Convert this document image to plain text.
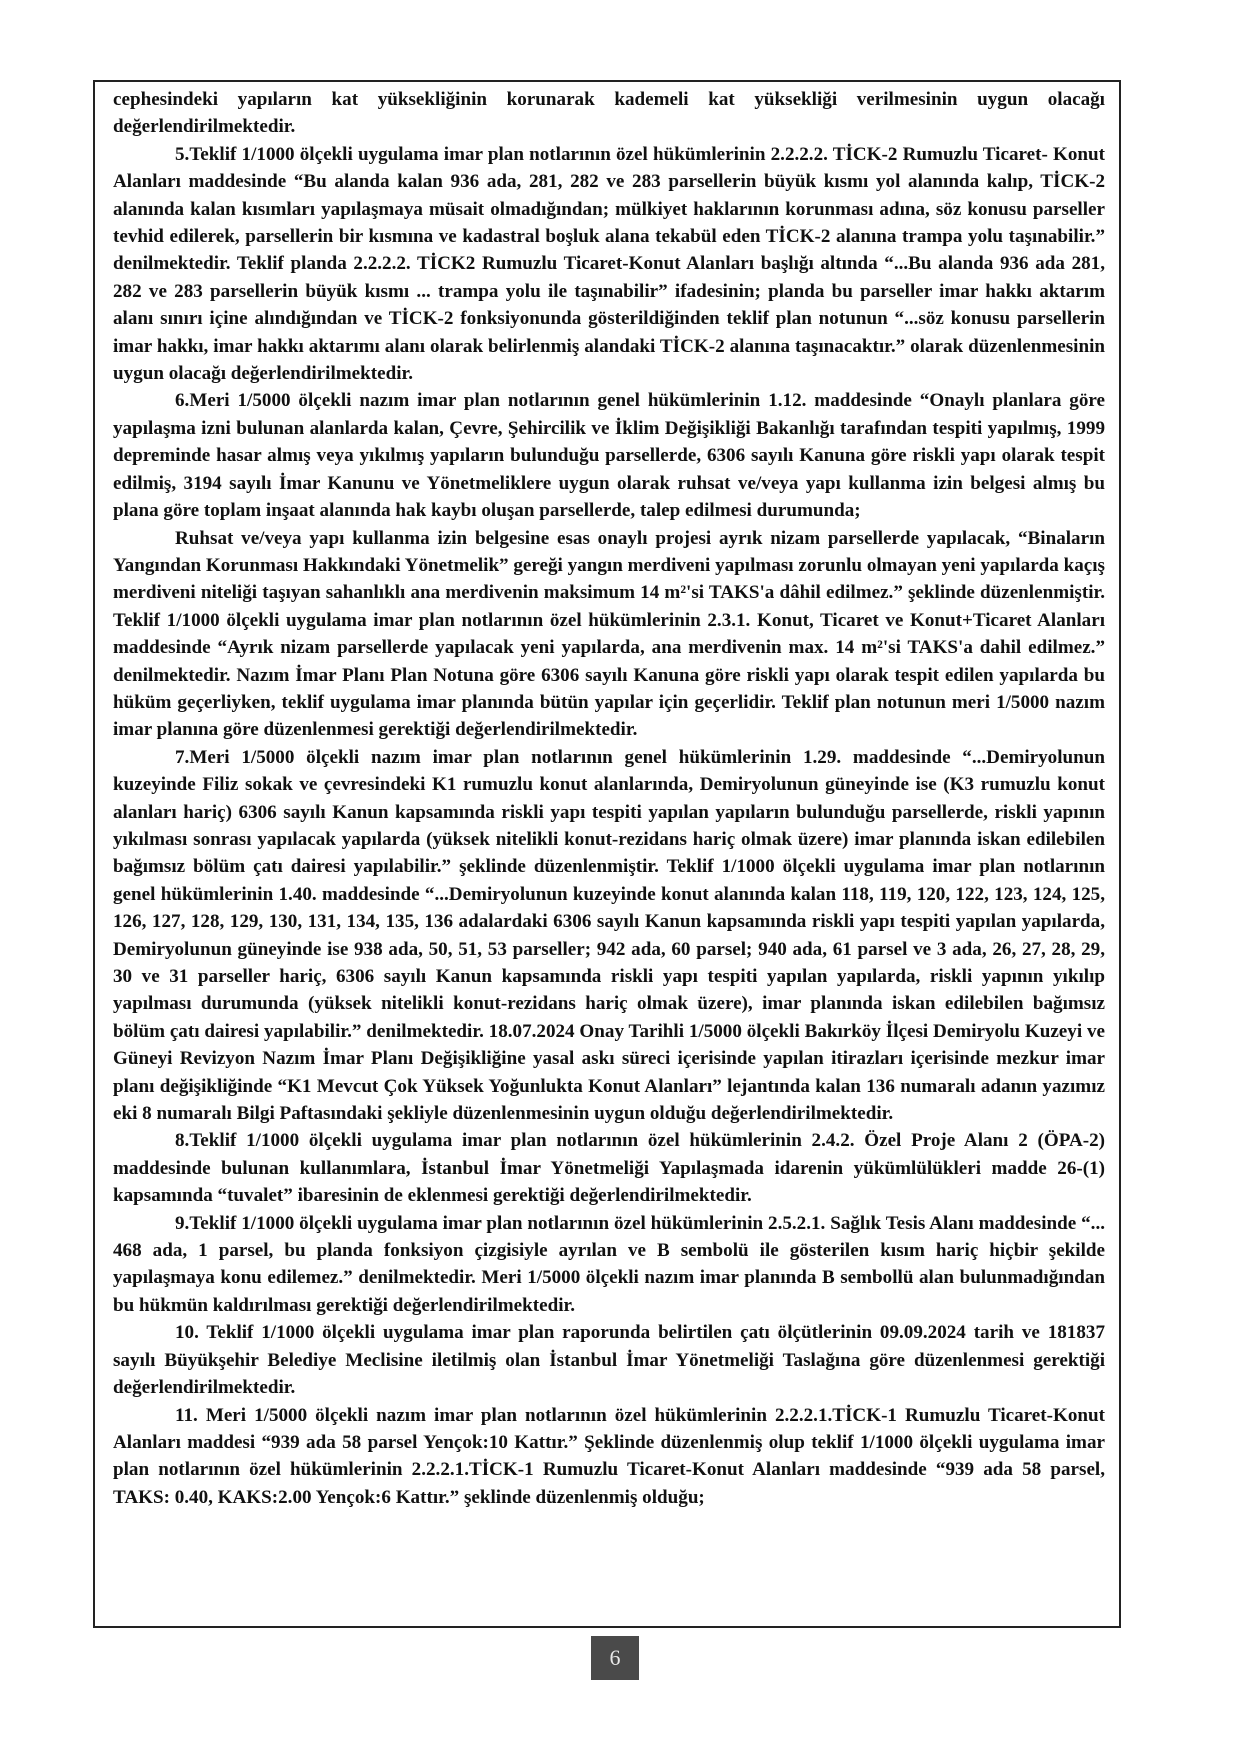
cephesindeki yapıların kat yüksekliğinin korunarak kademeli kat yüksekliği verilmesinin uygun olacağı değerlendirilmektedir.

5.Teklif 1/1000 ölçekli uygulama imar plan notlarının özel hükümlerinin 2.2.2.2. TİCK-2 Rumuzlu Ticaret- Konut Alanları maddesinde “Bu alanda kalan 936 ada, 281, 282 ve 283 parsellerin büyük kısmı yol alanında kalıp, TİCK-2 alanında kalan kısımları yapılaşmaya müsait olmadığından; mülkiyet haklarının korunması adına, söz konusu parseller tevhid edilerek, parsellerin bir kısmına ve kadastral boşluk alana tekabül eden TİCK-2 alanına trampa yolu taşınabilir.” denilmektedir. Teklif planda 2.2.2.2. TİCK2 Rumuzlu Ticaret-Konut Alanları başlığı altında “...Bu alanda 936 ada 281, 282 ve 283 parsellerin büyük kısmı ... trampa yolu ile taşınabilir” ifadesinin; planda bu parseller imar hakkı aktarım alanı sınırı içine alındığından ve TİCK-2 fonksiyonunda gösterildiğinden teklif plan notunun “...söz konusu parsellerin imar hakkı, imar hakkı aktarımı alanı olarak belirlenmiş alandaki TİCK-2 alanına taşınacaktır.” olarak düzenlenmesinin uygun olacağı değerlendirilmektedir.

6.Meri 1/5000 ölçekli nazım imar plan notlarının genel hükümlerinin 1.12. maddesinde “Onaylı planlara göre yapılaşma izni bulunan alanlarda kalan, Çevre, Şehircilik ve İklim Değişikliği Bakanlığı tarafından tespiti yapılmış, 1999 depreminde hasar almış veya yıkılmış yapıların bulunduğu parsellerde, 6306 sayılı Kanuna göre riskli yapı olarak tespit edilmiş, 3194 sayılı İmar Kanunu ve Yönetmeliklere uygun olarak ruhsat ve/veya yapı kullanma izin belgesi almış bu plana göre toplam inşaat alanında hak kaybı oluşan parsellerde, talep edilmesi durumunda;

Ruhsat ve/veya yapı kullanma izin belgesine esas onaylı projesi ayrık nizam parsellerde yapılacak, “Binaların Yangından Korunması Hakkındaki Yönetmelik” gereği yangın merdiveni yapılması zorunlu olmayan yeni yapılarda kaçış merdiveni niteliği taşıyan sahanlıklı ana merdivenin maksimum 14 m²'si TAKS'a dâhil edilmez.” şeklinde düzenlenmiştir. Teklif 1/1000 ölçekli uygulama imar plan notlarının özel hükümlerinin 2.3.1. Konut, Ticaret ve Konut+Ticaret Alanları maddesinde “Ayrık nizam parsellerde yapılacak yeni yapılarda, ana merdivenin max. 14 m²'si TAKS'a dahil edilmez.” denilmektedir. Nazım İmar Planı Plan Notuna göre 6306 sayılı Kanuna göre riskli yapı olarak tespit edilen yapılarda bu hüküm geçerliyken, teklif uygulama imar planında bütün yapılar için geçerlidir. Teklif plan notunun meri 1/5000 nazım imar planına göre düzenlenmesi gerektiği değerlendirilmektedir.

7.Meri 1/5000 ölçekli nazım imar plan notlarının genel hükümlerinin 1.29. maddesinde “...Demiryolunun kuzeyinde Filiz sokak ve çevresindeki K1 rumuzlu konut alanlarında, Demiryolunun güneyinde ise (K3 rumuzlu konut alanları hariç) 6306 sayılı Kanun kapsamında riskli yapı tespiti yapılan yapıların bulunduğu parsellerde, riskli yapının yıkılması sonrası yapılacak yapılarda (yüksek nitelikli konut-rezidans hariç olmak üzere) imar planında iskan edilebilen bağımsız bölüm çatı dairesi yapılabilir.” şeklinde düzenlenmiştir. Teklif 1/1000 ölçekli uygulama imar plan notlarının genel hükümlerinin 1.40. maddesinde “...Demiryolunun kuzeyinde konut alanında kalan 118, 119, 120, 122, 123, 124, 125, 126, 127, 128, 129, 130, 131, 134, 135, 136 adalardaki 6306 sayılı Kanun kapsamında riskli yapı tespiti yapılan yapılarda, Demiryolunun güneyinde ise 938 ada, 50, 51, 53 parseller; 942 ada, 60 parsel; 940 ada, 61 parsel ve 3 ada, 26, 27, 28, 29, 30 ve 31 parseller hariç, 6306 sayılı Kanun kapsamında riskli yapı tespiti yapılan yapılarda, riskli yapının yıkılıp yapılması durumunda (yüksek nitelikli konut-rezidans hariç olmak üzere), imar planında iskan edilebilen bağımsız bölüm çatı dairesi yapılabilir.” denilmektedir. 18.07.2024 Onay Tarihli 1/5000 ölçekli Bakırköy İlçesi Demiryolu Kuzeyi ve Güneyi Revizyon Nazım İmar Planı Değişikliğine yasal askı süreci içerisinde yapılan itirazları içerisinde mezkur imar planı değişikliğinde “K1 Mevcut Çok Yüksek Yoğunlukta Konut Alanları” lejantında kalan 136 numaralı adanın yazımız eki 8 numaralı Bilgi Paftasındaki şekliyle düzenlenmesinin uygun olduğu değerlendirilmektedir.

8.Teklif 1/1000 ölçekli uygulama imar plan notlarının özel hükümlerinin 2.4.2. Özel Proje Alanı 2 (ÖPA-2) maddesinde bulunan kullanımlara, İstanbul İmar Yönetmeliği Yapılaşmada idarenin yükümlülükleri madde 26-(1) kapsamında “tuvalet” ibaresinin de eklenmesi gerektiği değerlendirilmektedir.

9.Teklif 1/1000 ölçekli uygulama imar plan notlarının özel hükümlerinin 2.5.2.1. Sağlık Tesis Alanı maddesinde “... 468 ada, 1 parsel, bu planda fonksiyon çizgisiyle ayrılan ve B sembolü ile gösterilen kısım hariç hiçbir şekilde yapılaşmaya konu edilemez.” denilmektedir. Meri 1/5000 ölçekli nazım imar planında B sembollü alan bulunmadığından bu hükmün kaldırılması gerektiği değerlendirilmektedir.

10. Teklif 1/1000 ölçekli uygulama imar plan raporunda belirtilen çatı ölçütlerinin 09.09.2024 tarih ve 181837 sayılı Büyükşehir Belediye Meclisine iletilmiş olan İstanbul İmar Yönetmeliği Taslağına göre düzenlenmesi gerektiği değerlendirilmektedir.

11. Meri 1/5000 ölçekli nazım imar plan notlarının özel hükümlerinin 2.2.2.1.TİCK-1 Rumuzlu Ticaret-Konut Alanları maddesi “939 ada 58 parsel Yençok:10 Kattır.” Şeklinde düzenlenmiş olup teklif 1/1000 ölçekli uygulama imar plan notlarının özel hükümlerinin 2.2.2.1.TİCK-1 Rumuzlu Ticaret-Konut Alanları maddesinde “939 ada 58 parsel, TAKS: 0.40, KAKS:2.00 Yençok:6 Kattır.” şeklinde düzenlenmiş olduğu;

6
